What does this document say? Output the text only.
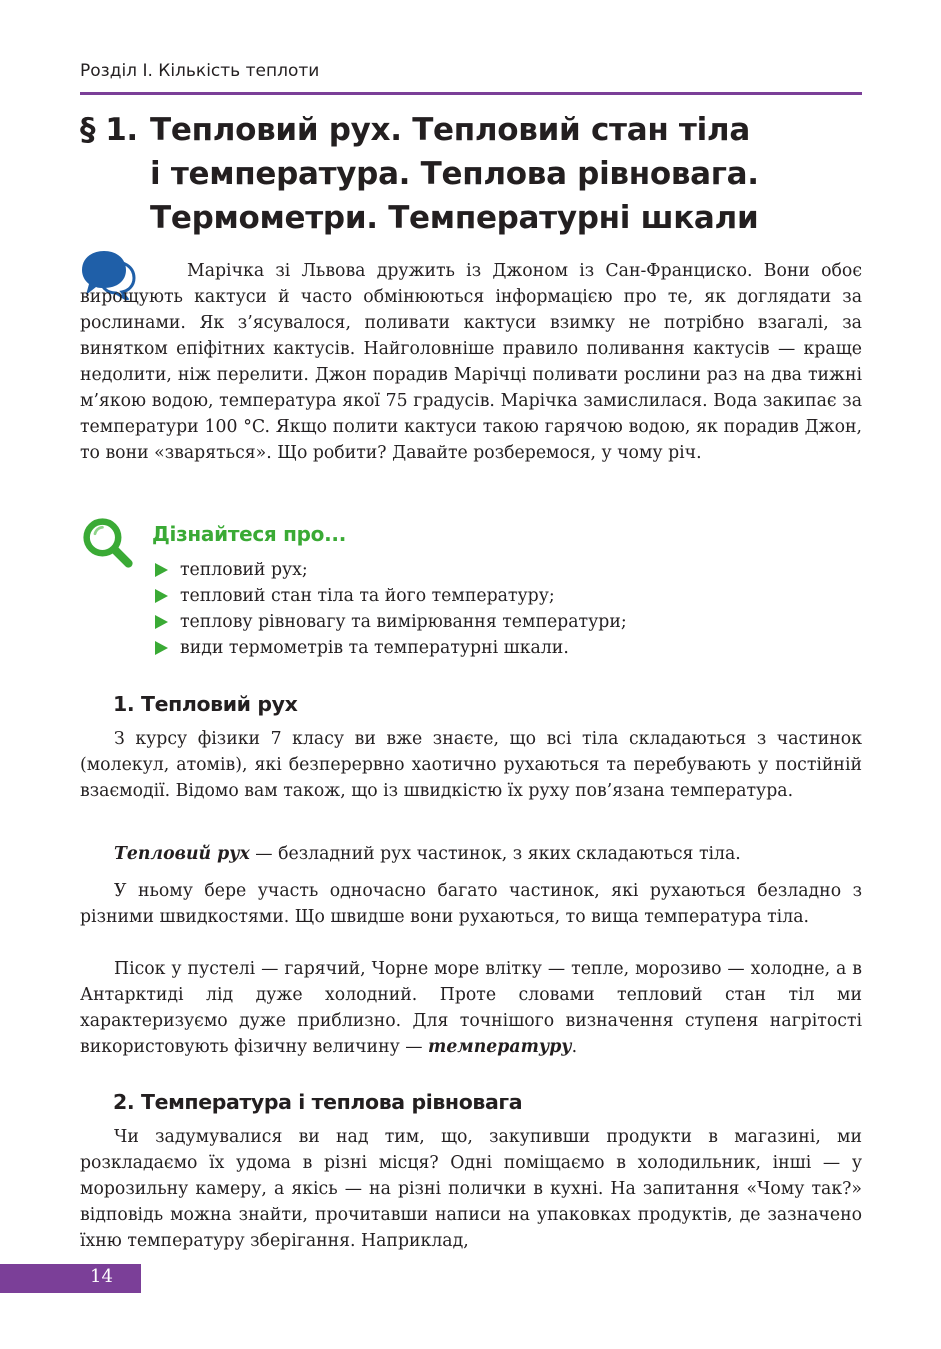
Розділ I. Кількість теплоти
§ 1. Тепловий рух. Тепловий стан тіла
і температура. Теплова рівновага.
Термометри. Температурні шкали

Марічка зі Львова дружить із Джоном із Сан-Франциско. Вони обоє вирощують кактуси й часто обмінюються інформацією про те, як доглядати за рослинами. Як з’ясувалося, поливати кактуси взимку не потрібно взагалі, за винятком епіфітних кактусів. Найголовніше правило поливання кактусів — краще недолити, ніж перелити. Джон порадив Марічці поливати рослини раз на два тижні м’якою водою, температура якої 75 градусів. Марічка замислилася. Вода закипає за температури 100 °C. Якщо полити кактуси такою гарячою водою, як порадив Джон, то вони «зваряться». Що робити? Давайте розберемося, у чому річ.

Дізнайтеся про...
тепловий рух;
тепловий стан тіла та його температуру;
теплову рівновагу та вимірювання температури;
види термометрів та температурні шкали.
1. Тепловий рух

З курсу фізики 7 класу ви вже знаєте, що всі тіла складаються з частинок (молекул, атомів), які безперервно хаотично рухаються та перебувають у постійній взаємодії. Відомо вам також, що із швидкістю їх руху пов’язана температура.

Тепловий рух — безладний рух частинок, з яких складаються тіла.

У ньому бере участь одночасно багато частинок, які рухаються безладно з різними швидкостями. Що швидше вони рухаються, то вища температура тіла.

Пісок у пустелі — гарячий, Чорне море влітку — тепле, морозиво — холодне, а в Антарктиді лід дуже холодний. Проте словами тепловий стан тіл ми характеризуємо дуже приблизно. Для точнішого визначення ступеня нагрітості використовують фізичну величину — температуру.

2. Температура і теплова рівновага

Чи задумувалися ви над тим, що, закупивши продукти в магазині, ми розкладаємо їх удома в різні місця? Одні поміщаємо в холодильник, інші — у морозильну камеру, а якісь — на різні полички в кухні. На запитання «Чому так?» відповідь можна знайти, прочитавши написи на упаковках продуктів, де зазначено їхню температуру зберігання. Наприклад,

14
